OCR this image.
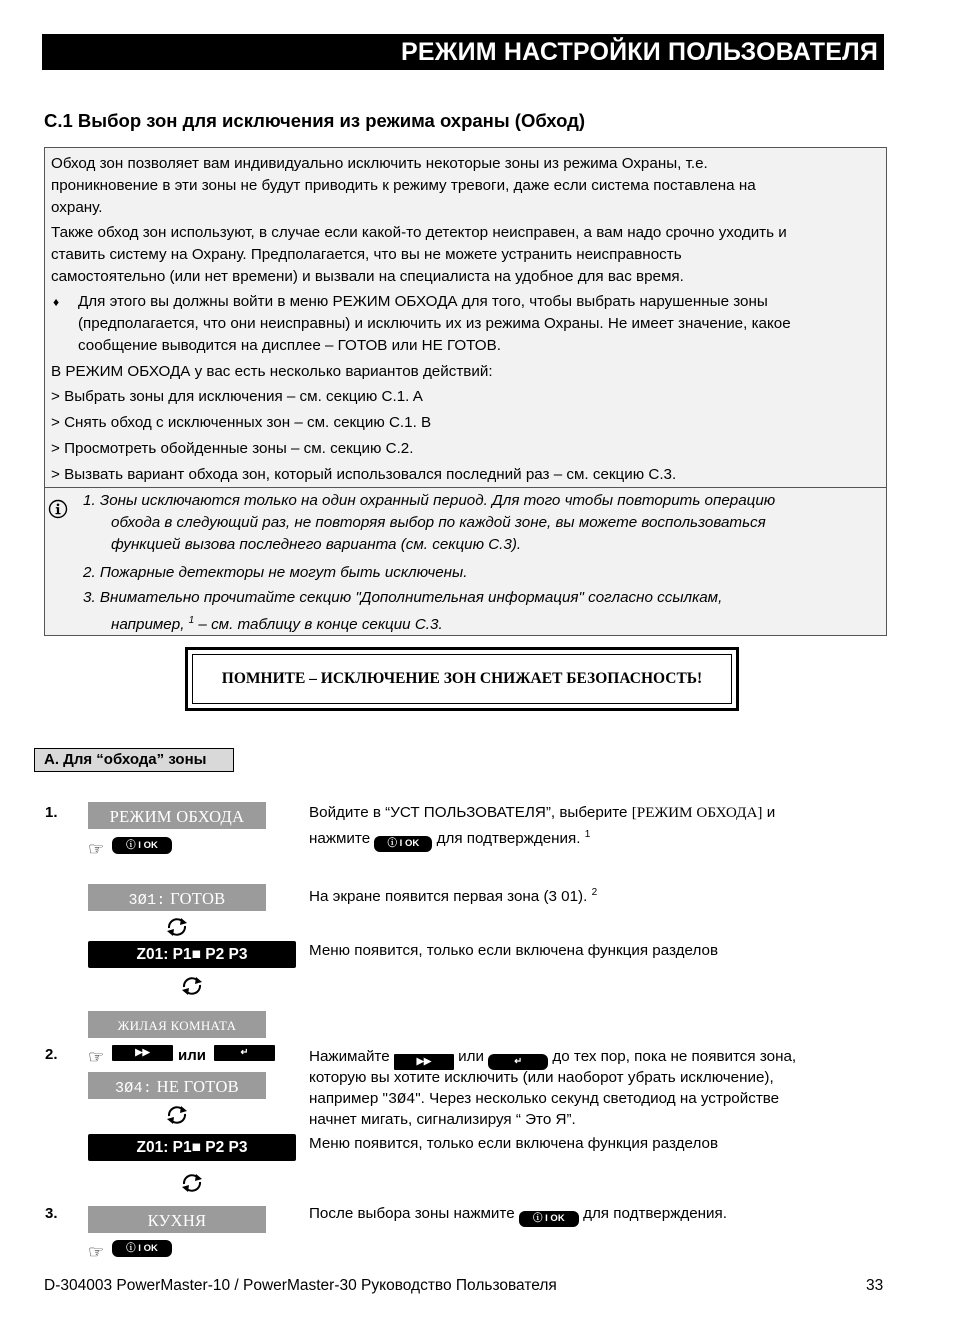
РЕЖИМ НАСТРОЙКИ ПОЛЬЗОВАТЕЛЯ
C.1 Выбор зон для исключения из режима охраны (Обход)
Обход зон позволяет вам индивидуально исключить некоторые зоны из режима Охраны, т.е.
проникновение в эти зоны не будут приводить к режиму тревоги, даже если система поставлена на
охрану.
Также обход зон используют, в случае если какой-то детектор неисправен, а вам надо срочно уходить и
ставить систему на Охрану. Предполагается, что вы не можете устранить неисправность
самостоятельно (или нет времени) и вызвали на специалиста на удобное для вас время.
♦ Для этого вы должны войти в меню РЕЖИМ ОБХОДА для того, чтобы выбрать нарушенные зоны
(предполагается, что они неисправны) и исключить их из режима Охраны. Не имеет значение, какое
сообщение выводится на дисплее – ГОТОВ или НЕ ГОТОВ.
В РЕЖИМ ОБХОДА у вас есть несколько вариантов действий:
> Выбрать зоны для исключения – см. секцию C.1. A
> Снять обход с исключенных зон – см. секцию C.1. B
> Просмотреть обойденные зоны – см. секцию C.2.
> Вызвать вариант обхода зон, который использовался последний раз – см. секцию C.3.
1. Зоны исключаются только на один охранный период. Для того чтобы повторить операцию
обхода в следующий раз, не повторяя выбор по каждой зоне, вы можете воспользоваться
функцией вызова последнего варианта (см. секцию C.3).
2. Пожарные детекторы не могут быть исключены.
3. Внимательно прочитайте секцию "Дополнительная информация" согласно ссылкам,
например, $^1$ – см. таблицу в конце секции C.3.
ПОМНИТЕ – ИСКЛЮЧЕНИЕ ЗОН СНИЖАЕТ БЕЗОПАСНОСТЬ!
A. Для “обхода” зоны
1.	РЕЖИМ ОБХОДА
☞	ⓘ I OK
Войдите в “УСТ ПОЛЬЗОВАТЕЛЯ”, выберите [РЕЖИМ ОБХОДА] и
нажмите ⓘ I OK для подтверждения. $^1$
3Ø1: ГОТОВ	На экране появится первая зона (3 01). $^2$
Z01: P1■ P2 P3	Меню появится, только если включена функция разделов
ЖИЛАЯ КОМНАТА
2. ☞	▶▶	или	↵
3Ø4: НЕ ГОТОВ
Z01: P1■ P2 P3
Нажимайте ▶▶ или	↵ до тех пор, пока не появится зона,
которую вы хотите исключить (или наоборот убрать исключение),
например "3Ø4". Через несколько секунд светодиод на устройстве
начнет мигать, сигнализируя “ Это Я”.
Меню появится, только если включена функция разделов
3.	КУХНЯ
☞	ⓘ I OK
После выбора зоны нажмите ⓘ I OK для подтверждения.
D-304003 PowerMaster-10 / PowerMaster-30 Руководство Пользователя	33
